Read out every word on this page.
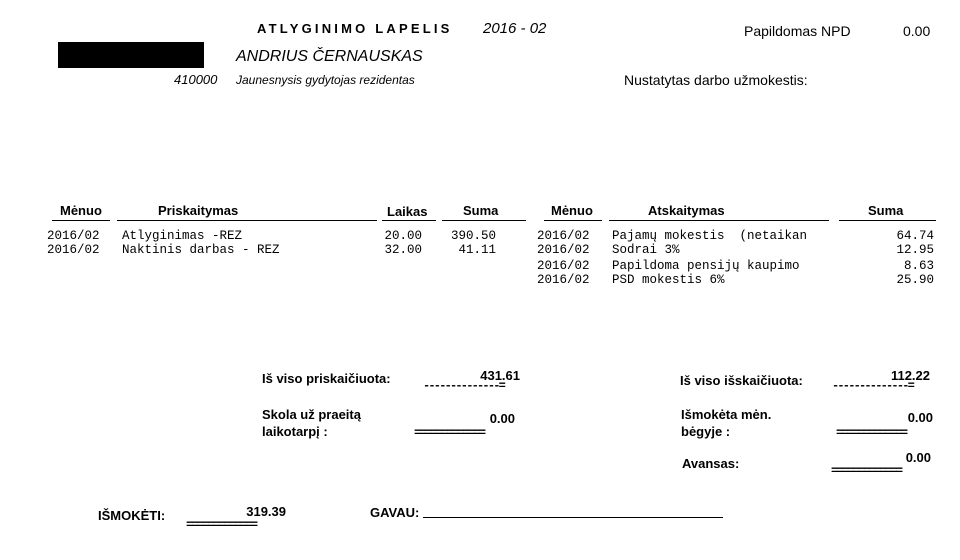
ATLYGINIMO LAPELIS 2016 - 02	Papildomas NPD	0.00
ANDRIUS ČERNAUSKAS
410000 Jaunesnysis gydytojas rezidentas	Nustatytas darbo užmokestis:
Mėnuo	Priskaitymas	Laikas	Suma	Mėnuo	Atskaitymas	Suma
2016/02 Atlyginimas -REZ	20.00	390.50
2016/02 Naktinis darbas - REZ	32.00	41.11
2016/02 Pajamų mokestis  (netaikan	64.74
2016/02 Sodrai 3%	12.95
2016/02 Papildoma pensijų kaupimo	8.63
2016/02 PSD mokestis 6%	25.90
Iš viso priskaičiuota:	431.61
--------------=	Iš viso išskaičiuota:	112.22
--------------=
Skola už praeitą
laikotarpį :
0.00
=============
Išmokėta mėn.
bėgyje :
0.00
=============
Avansas:	0.00
=============
IŠMOKĖTI:	319.39
=============
GAVAU:
